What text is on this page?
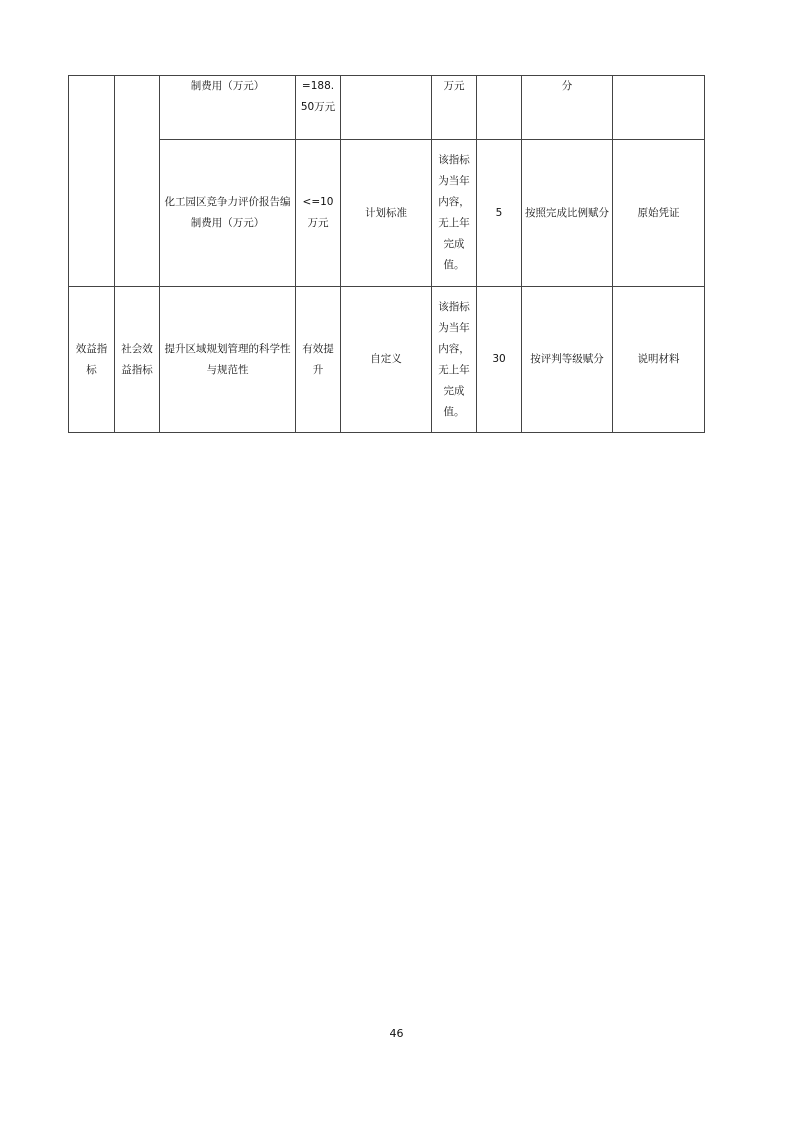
		制费用（万元）	=188.50万元		万元		分	
		化工园区竞争力评价报告编制费用（万元）	<=10万元	计划标准	该指标为当年内容，无上年完成值。	5	按照完成比例赋分	原始凭证
效益指标	社会效益指标	提升区域规划管理的科学性与规范性	有效提升	自定义	该指标为当年内容，无上年完成值。	30	按评判等级赋分	说明材料
46
